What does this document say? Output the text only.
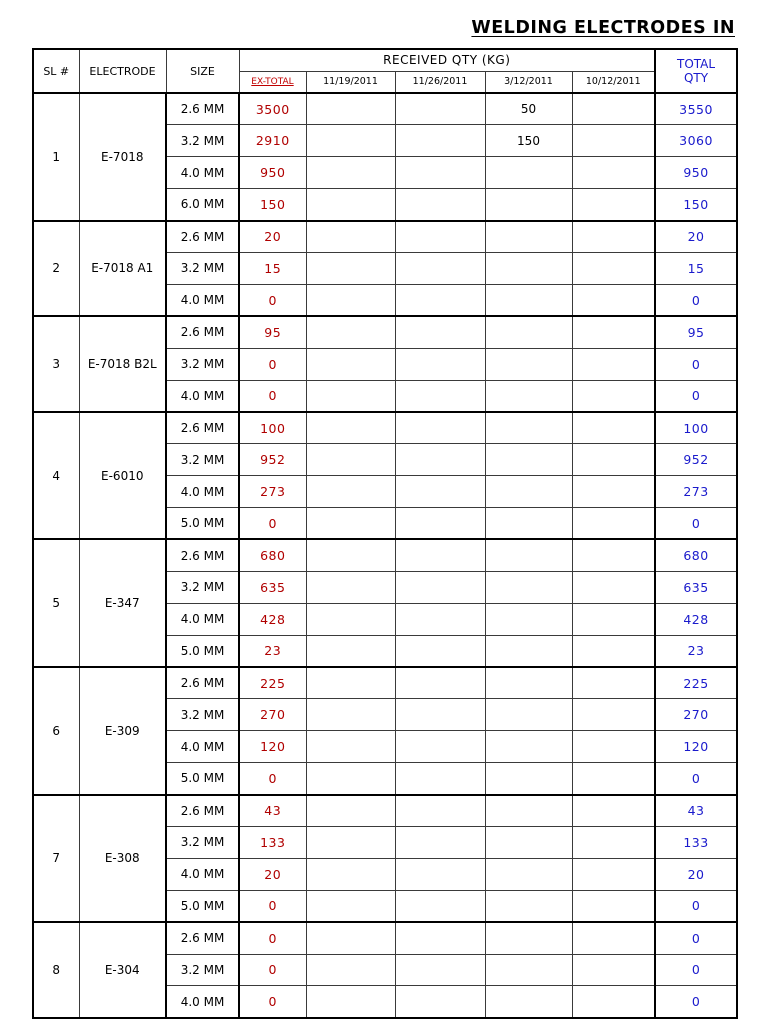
WELDING ELECTRODES IN
SL #	ELECTRODE	SIZE	RECEIVED QTY (KG)					TOTAL QTY
			EX-TOTAL	11/19/2011	11/26/2011	3/12/2011	10/12/2011	
1	E-7018	2.6 MM	3500			50		3550
		3.2 MM	2910			150		3060
		4.0 MM	950					950
		6.0 MM	150					150
2	E-7018 A1	2.6 MM	20					20
		3.2 MM	15					15
		4.0 MM	0					0
3	E-7018 B2L	2.6 MM	95					95
		3.2 MM	0					0
		4.0 MM	0					0
4	E-6010	2.6 MM	100					100
		3.2 MM	952					952
		4.0 MM	273					273
		5.0 MM	0					0
5	E-347	2.6 MM	680					680
		3.2 MM	635					635
		4.0 MM	428					428
		5.0 MM	23					23
6	E-309	2.6 MM	225					225
		3.2 MM	270					270
		4.0 MM	120					120
		5.0 MM	0					0
7	E-308	2.6 MM	43					43
		3.2 MM	133					133
		4.0 MM	20					20
		5.0 MM	0					0
8	E-304	2.6 MM	0					0
		3.2 MM	0					0
		4.0 MM	0					0
